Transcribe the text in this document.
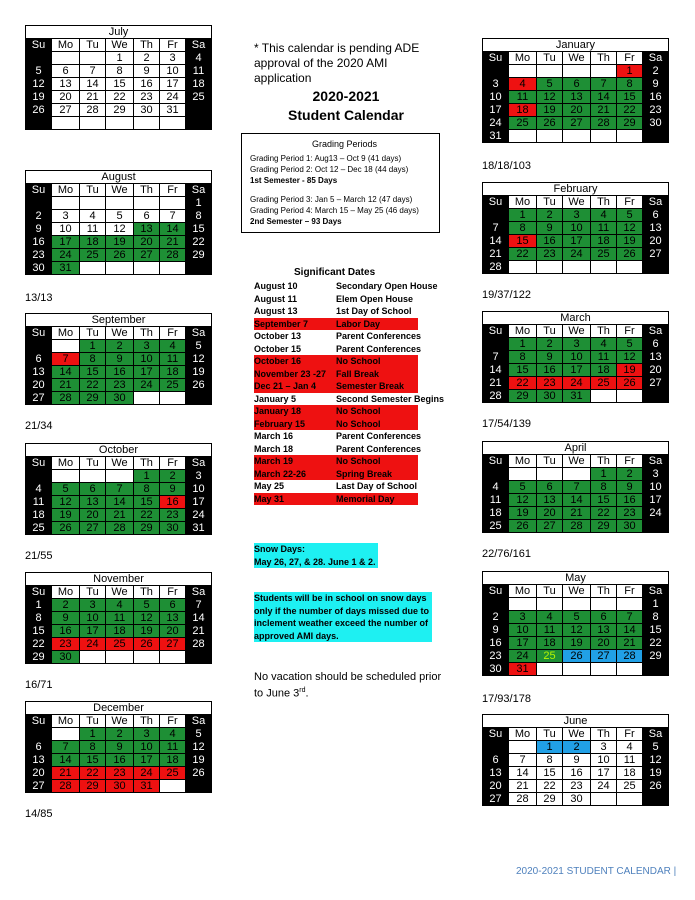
July						
Su	Mo	Tu	We	Th	Fr	Sa
			1	2	3	4
5	6	7	8	9	10	11
12	13	14	15	16	17	18
19	20	21	22	23	24	25
26	27	28	29	30	31	

August						
Su	Mo	Tu	We	Th	Fr	Sa
						1
2	3	4	5	6	7	8
9	10	11	12	13	14	15
16	17	18	19	20	21	22
23	24	25	26	27	28	29
30	31					
13/13
September						
Su	Mo	Tu	We	Th	Fr	Sa
		1	2	3	4	5
6	7	8	9	10	11	12
13	14	15	16	17	18	19
20	21	22	23	24	25	26
27	28	29	30			
21/34
October						
Su	Mo	Tu	We	Th	Fr	Sa
				1	2	3
4	5	6	7	8	9	10
11	12	13	14	15	16	17
18	19	20	21	22	23	24
25	26	27	28	29	30	31
21/55
November						
Su	Mo	Tu	We	Th	Fr	Sa
1	2	3	4	5	6	7
8	9	10	11	12	13	14
15	16	17	18	19	20	21
22	23	24	25	26	27	28
29	30					
16/71
December						
Su	Mo	Tu	We	Th	Fr	Sa
		1	2	3	4	5
6	7	8	9	10	11	12
13	14	15	16	17	18	19
20	21	22	23	24	25	26
27	28	29	30	31		
14/85
January						
Su	Mo	Tu	We	Th	Fr	Sa
					1	2
3	4	5	6	7	8	9
10	11	12	13	14	15	16
17	18	19	20	21	22	23
24	25	26	27	28	29	30
31						
18/18/103
February						
Su	Mo	Tu	We	Th	Fr	Sa
	1	2	3	4	5	6
7	8	9	10	11	12	13
14	15	16	17	18	19	20
21	22	23	24	25	26	27
28						
19/37/122
March						
Su	Mo	Tu	We	Th	Fr	Sa
	1	2	3	4	5	6
7	8	9	10	11	12	13
14	15	16	17	18	19	20
21	22	23	24	25	26	27
28	29	30	31			
17/54/139
April						
Su	Mo	Tu	We	Th	Fr	Sa
				1	2	3
4	5	6	7	8	9	10
11	12	13	14	15	16	17
18	19	20	21	22	23	24
25	26	27	28	29	30	
22/76/161
May						
Su	Mo	Tu	We	Th	Fr	Sa
						1
2	3	4	5	6	7	8
9	10	11	12	13	14	15
16	17	18	19	20	21	22
23	24	25	26	27	28	29
30	31					
17/93/178
June						
Su	Mo	Tu	We	Th	Fr	Sa
		1	2	3	4	5
6	7	8	9	10	11	12
13	14	15	16	17	18	19
20	21	22	23	24	25	26
27	28	29	30			
* This calendar is pending ADE approval of the 2020 AMI application
2020-2021
Student Calendar
Grading Periods
Grading Period 1: Aug13 – Oct 9 (41 days)
Grading Period 2: Oct 12 – Dec 18 (44 days)
1st Semester - 85 Days
Grading Period 3: Jan 5 – March 12 (47 days)
Grading Period 4: March 15 – May 25 (46 days)
2nd Semester – 93 Days
Significant Dates
August 10	Secondary Open House
August 11	Elem Open House
August 13	1st Day of School
September 7	Labor Day
October 13	Parent Conferences
October 15	Parent Conferences
October 16	No School
November 23 -27	Fall Break
Dec 21 – Jan 4	Semester Break
January 5	Second Semester Begins
January 18	No School
February 15	No School
March 16	Parent Conferences
March 18	Parent Conferences
March 19	No School
March 22-26	Spring Break
May 25	Last Day of School
May 31	Memorial Day
Snow Days:
May 26, 27, & 28. June 1 & 2.
Students will be in school on snow days only if the number of days missed due to inclement weather exceed the number of approved AMI days.
No vacation should be scheduled prior to June 3rd.
2020-2021 STUDENT CALENDAR |
